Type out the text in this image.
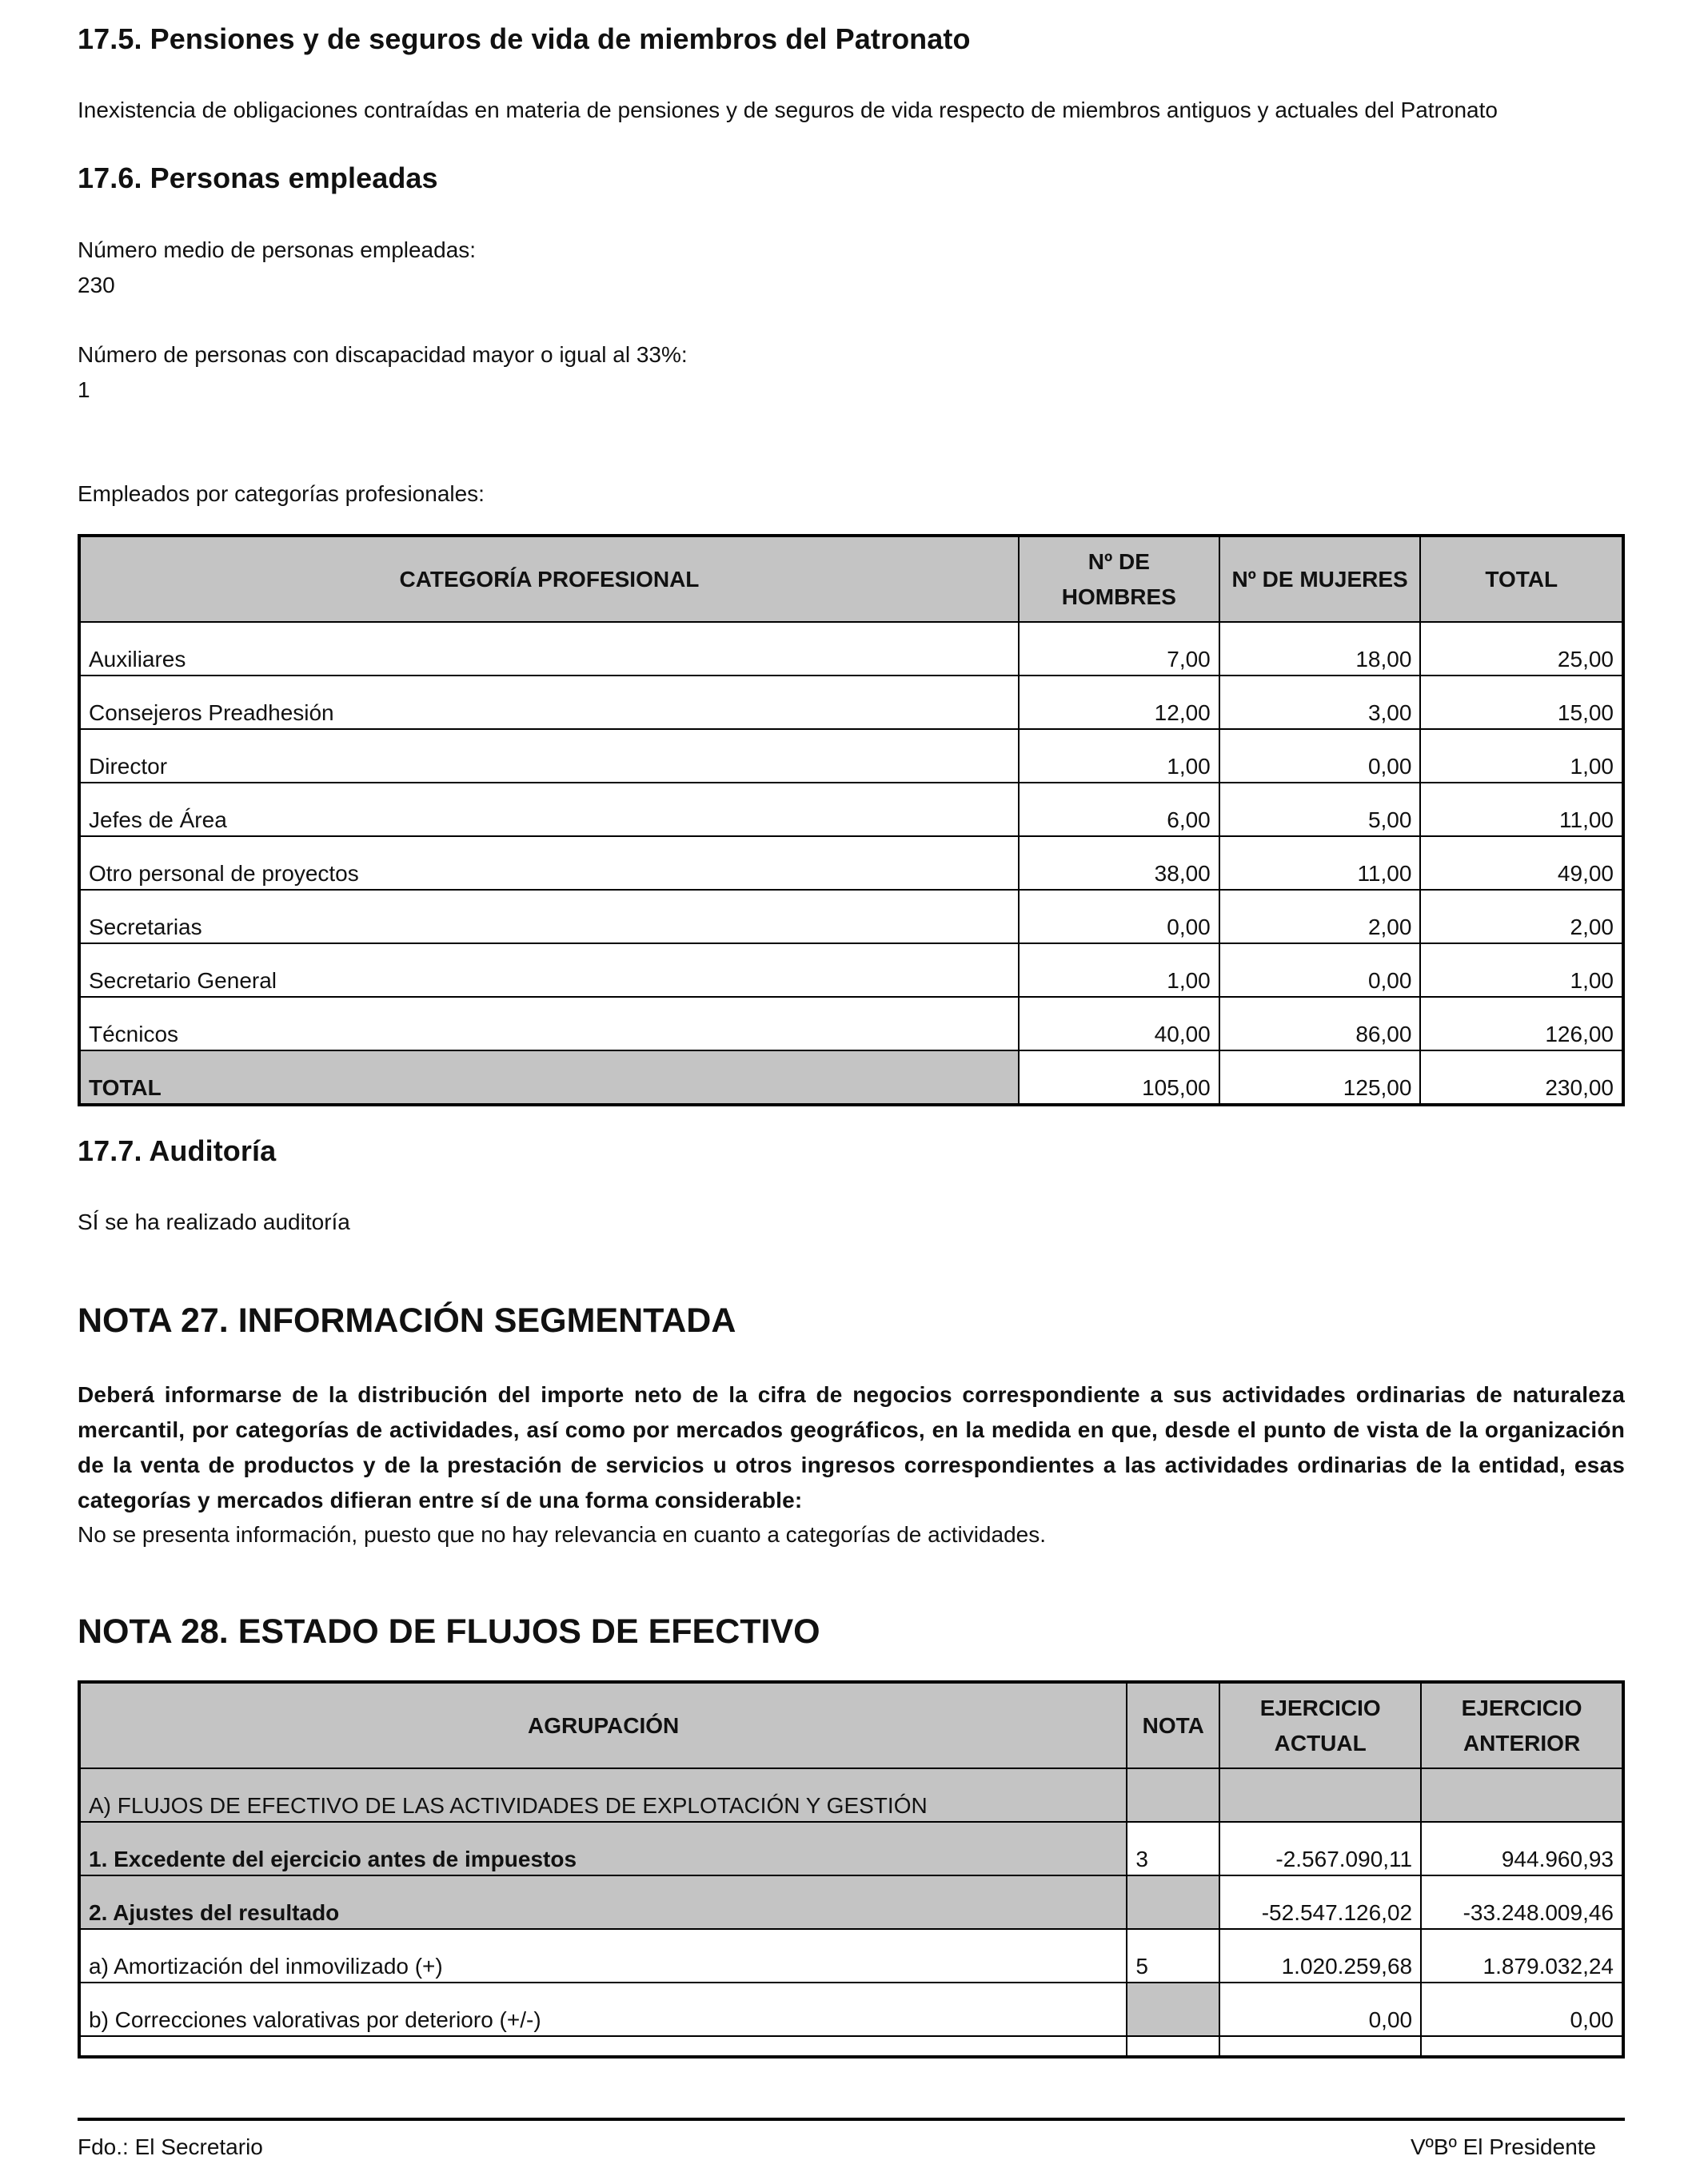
17.5. Pensiones y de seguros de vida de miembros del Patronato

Inexistencia de obligaciones contraídas en materia de pensiones y de seguros de vida respecto de miembros antiguos y actuales del Patronato

17.6. Personas empleadas

Número medio de personas empleadas:

230

Número de personas con discapacidad mayor o igual al 33%:

1

Empleados por categorías profesionales:

CATEGORÍA PROFESIONAL	Nº DE HOMBRES	Nº DE MUJERES	TOTAL
Auxiliares	7,00	18,00	25,00
Consejeros Preadhesión	12,00	3,00	15,00
Director	1,00	0,00	1,00
Jefes de Área	6,00	5,00	11,00
Otro personal de proyectos	38,00	11,00	49,00
Secretarias	0,00	2,00	2,00
Secretario General	1,00	0,00	1,00
Técnicos	40,00	86,00	126,00
TOTAL	105,00	125,00	230,00
17.7. Auditoría

SÍ se ha realizado auditoría

NOTA 27. INFORMACIÓN SEGMENTADA

Deberá informarse de la distribución del importe neto de la cifra de negocios correspondiente a sus actividades ordinarias de naturaleza mercantil, por categorías de actividades, así como por mercados geográficos, en la medida en que, desde el punto de vista de la organización de la venta de productos y de la prestación de servicios u otros ingresos correspondientes a las actividades ordinarias de la entidad, esas categorías y mercados difieran entre sí de una forma considerable:

No se presenta información, puesto que no hay relevancia en cuanto a categorías de actividades.

NOTA 28. ESTADO DE FLUJOS DE EFECTIVO
AGRUPACIÓN	NOTA	EJERCICIO ACTUAL	EJERCICIO ANTERIOR
A) FLUJOS DE EFECTIVO DE LAS ACTIVIDADES DE EXPLOTACIÓN Y GESTIÓN			
1. Excedente del ejercicio antes de impuestos	3	-2.567.090,11	944.960,93
2. Ajustes del resultado		-52.547.126,02	-33.248.009,46
a) Amortización del inmovilizado (+)	5	1.020.259,68	1.879.032,24
b) Correcciones valorativas por deterioro (+/-)		0,00	0,00

Fdo.: El Secretario	VºBº El Presidente
